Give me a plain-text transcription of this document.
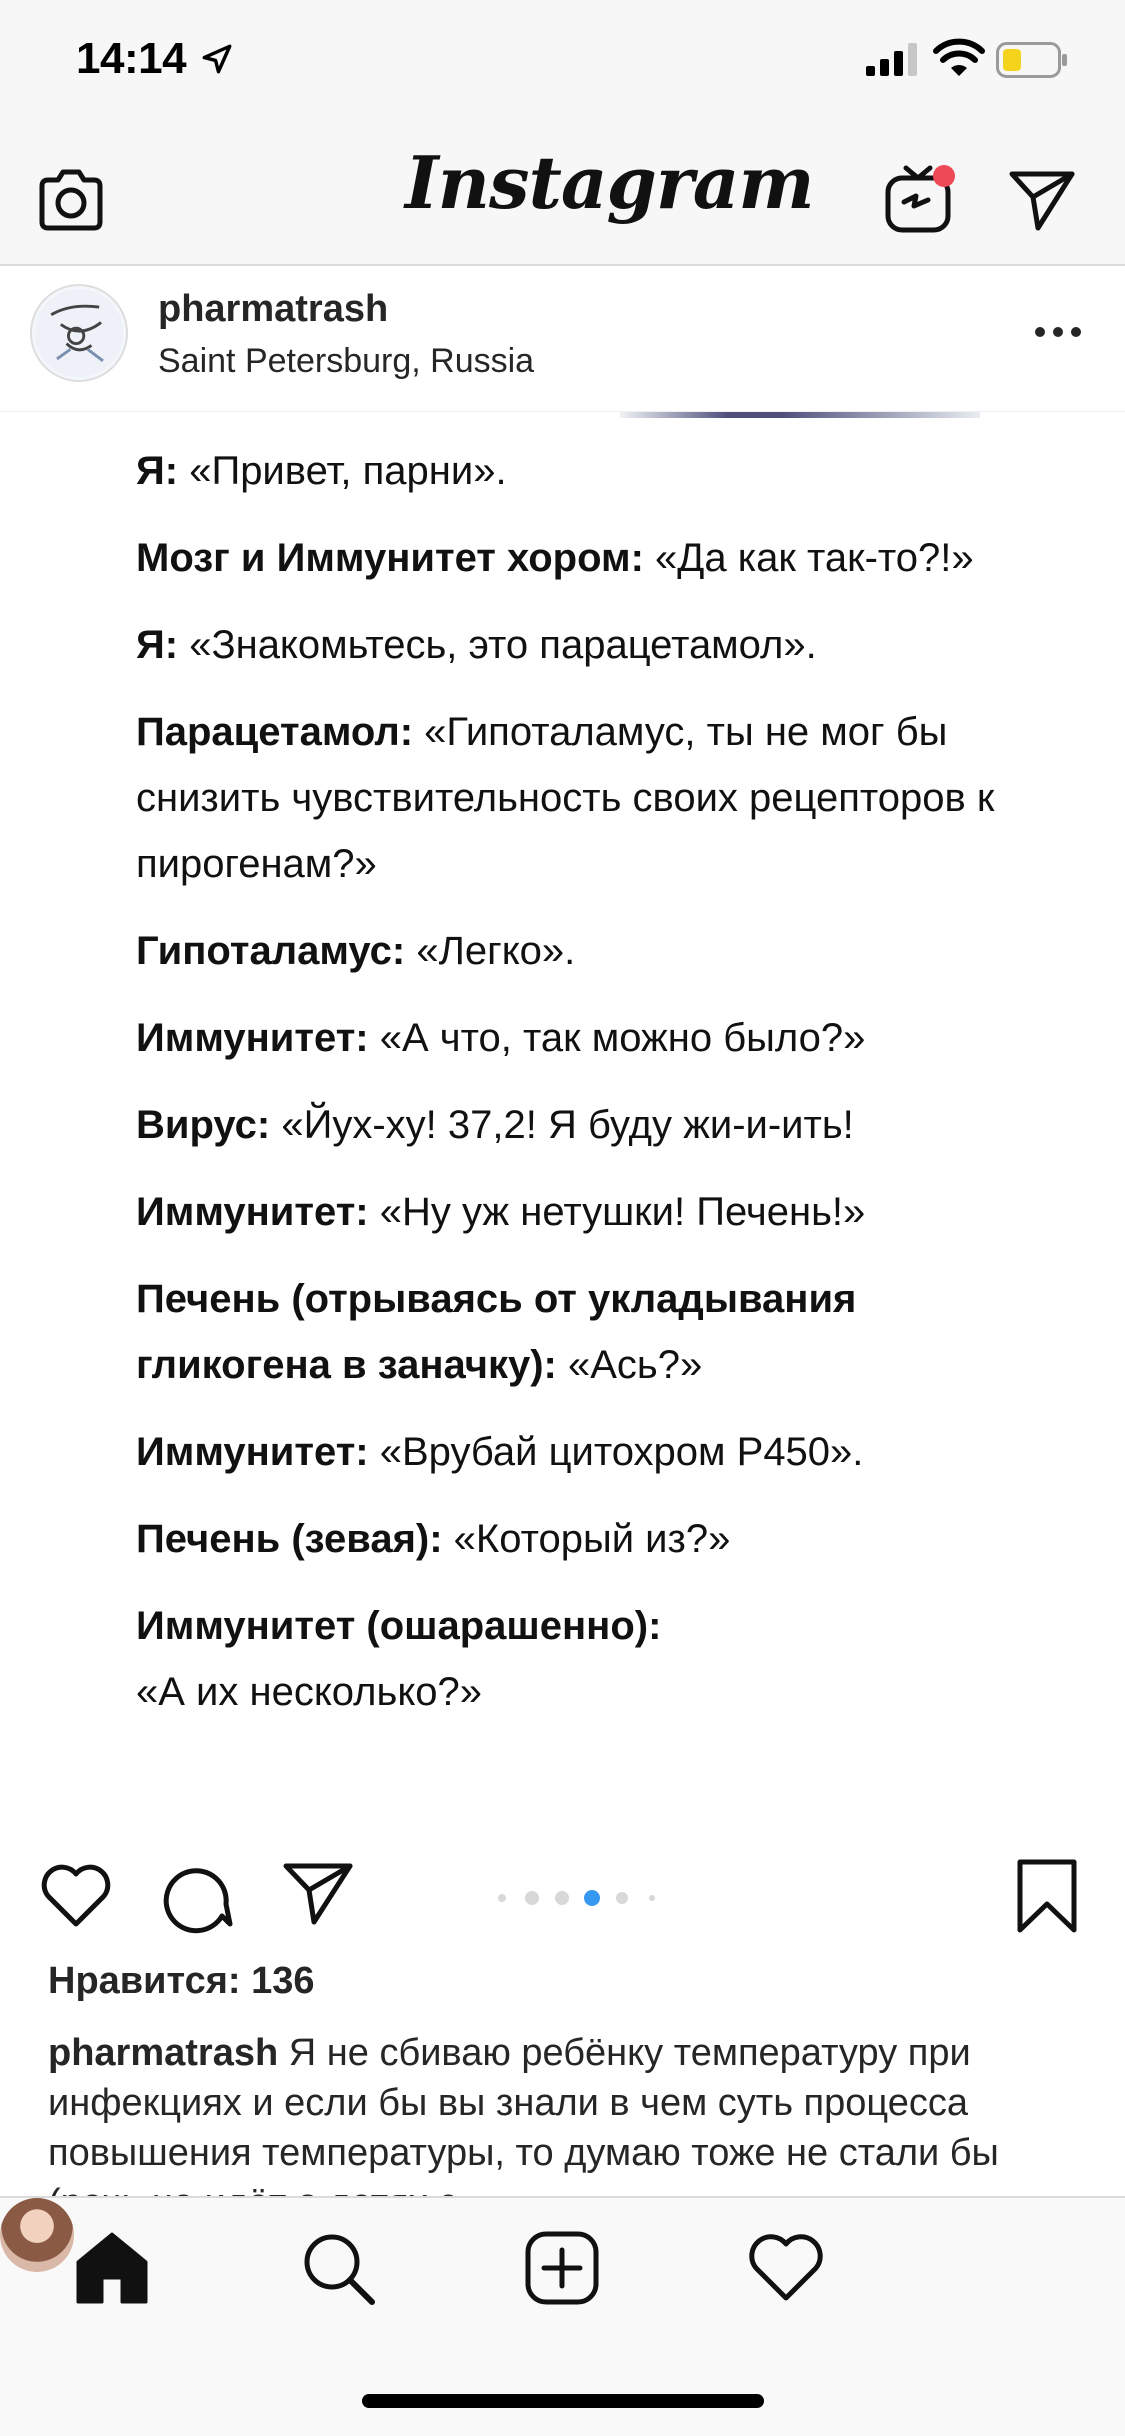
14:14
Instagram
pharmatrash
Saint Petersburg, Russia

Я: «Привет, парни».

Мозг и Иммунитет хором: «Да как так-то?!»

Я: «Знакомьтесь, это парацетамол».

Парацетамол: «Гипоталамус, ты не мог бы снизить чувствительность своих рецепторов к пирогенам?»

Гипоталамус: «Легко».

Иммунитет: «А что, так можно было?»

Вирус: «Йух-ху! 37,2! Я буду жи-и-ить!

Иммунитет: «Ну уж нетушки! Печень!»

Печень (отрываясь от укладывания гликогена в заначку): «Ась?»

Иммунитет: «Врубай цитохром P450».

Печень (зевая): «Который из?»

Иммунитет (ошарашенно):
«А их несколько?»

Нравится: 136
pharmatrash Я не сбиваю ребёнку температуру при инфекциях и если бы вы знали в чем суть процесса повышения температуры, то думаю тоже не стали бы
